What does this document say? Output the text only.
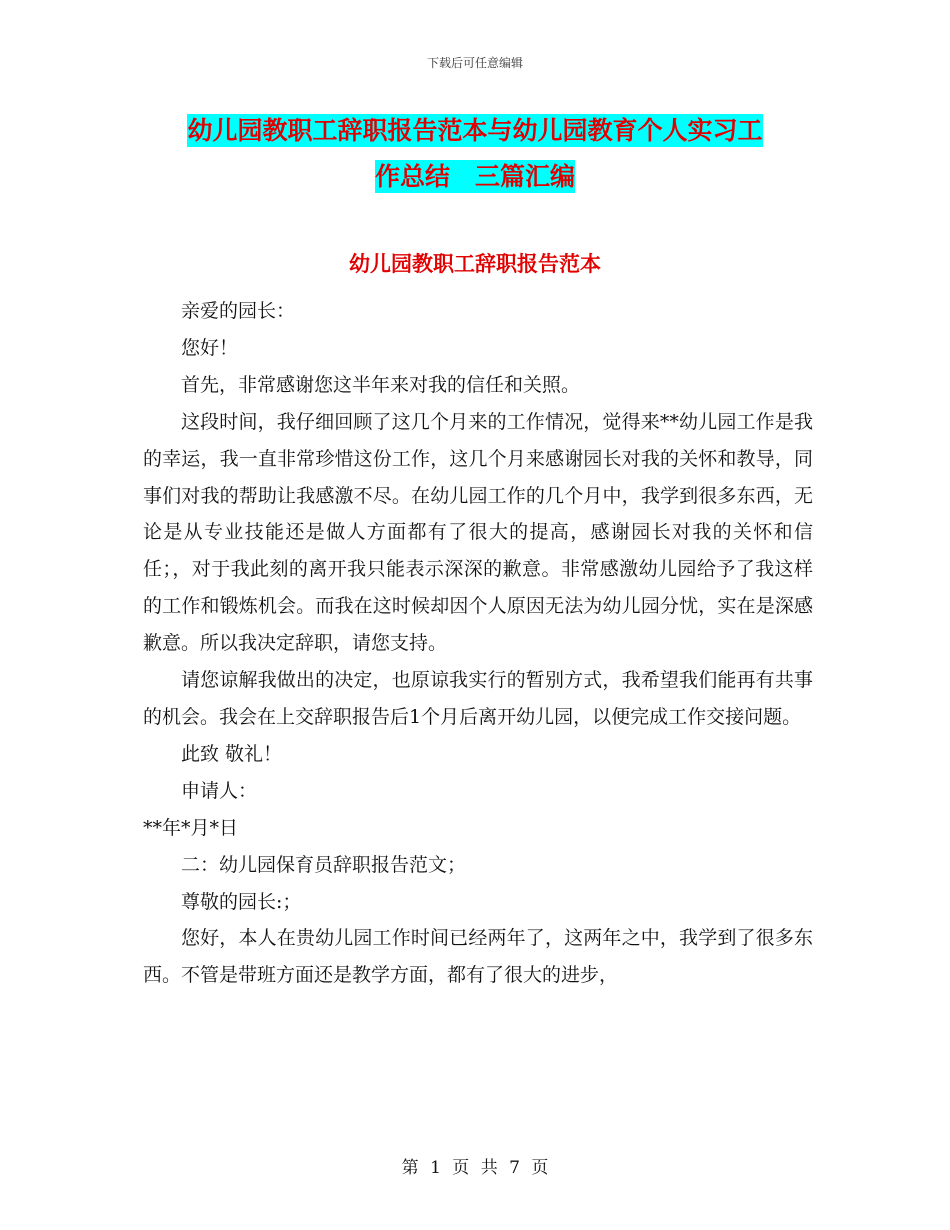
下载后可任意编辑
幼儿园教职工辞职报告范本与幼儿园教育个人实习工
作总结　三篇汇编
幼儿园教职工辞职报告范本

亲爱的园长：

您好！

首先，非常感谢您这半年来对我的信任和关照。

这段时间，我仔细回顾了这几个月来的工作情况，觉得来**幼儿园工作是我的幸运，我一直非常珍惜这份工作，这几个月来感谢园长对我的关怀和教导，同事们对我的帮助让我感激不尽。在幼儿园工作的几个月中，我学到很多东西，无论是从专业技能还是做人方面都有了很大的提高，感谢园长对我的关怀和信任；，对于我此刻的离开我只能表示深深的歉意。非常感激幼儿园给予了我这样的工作和锻炼机会。而我在这时候却因个人原因无法为幼儿园分忧，实在是深感歉意。所以我决定辞职，请您支持。

请您谅解我做出的决定，也原谅我实行的暂别方式，我希望我们能再有共事的机会。我会在上交辞职报告后1个月后离开幼儿园，以便完成工作交接问题。

此致 敬礼！

申请人：

**年*月*日

二：幼儿园保育员辞职报告范文；

尊敬的园长:；

您好，本人在贵幼儿园工作时间已经两年了，这两年之中，我学到了很多东西。不管是带班方面还是教学方面，都有了很大的进步，

第 1 页 共 7 页
